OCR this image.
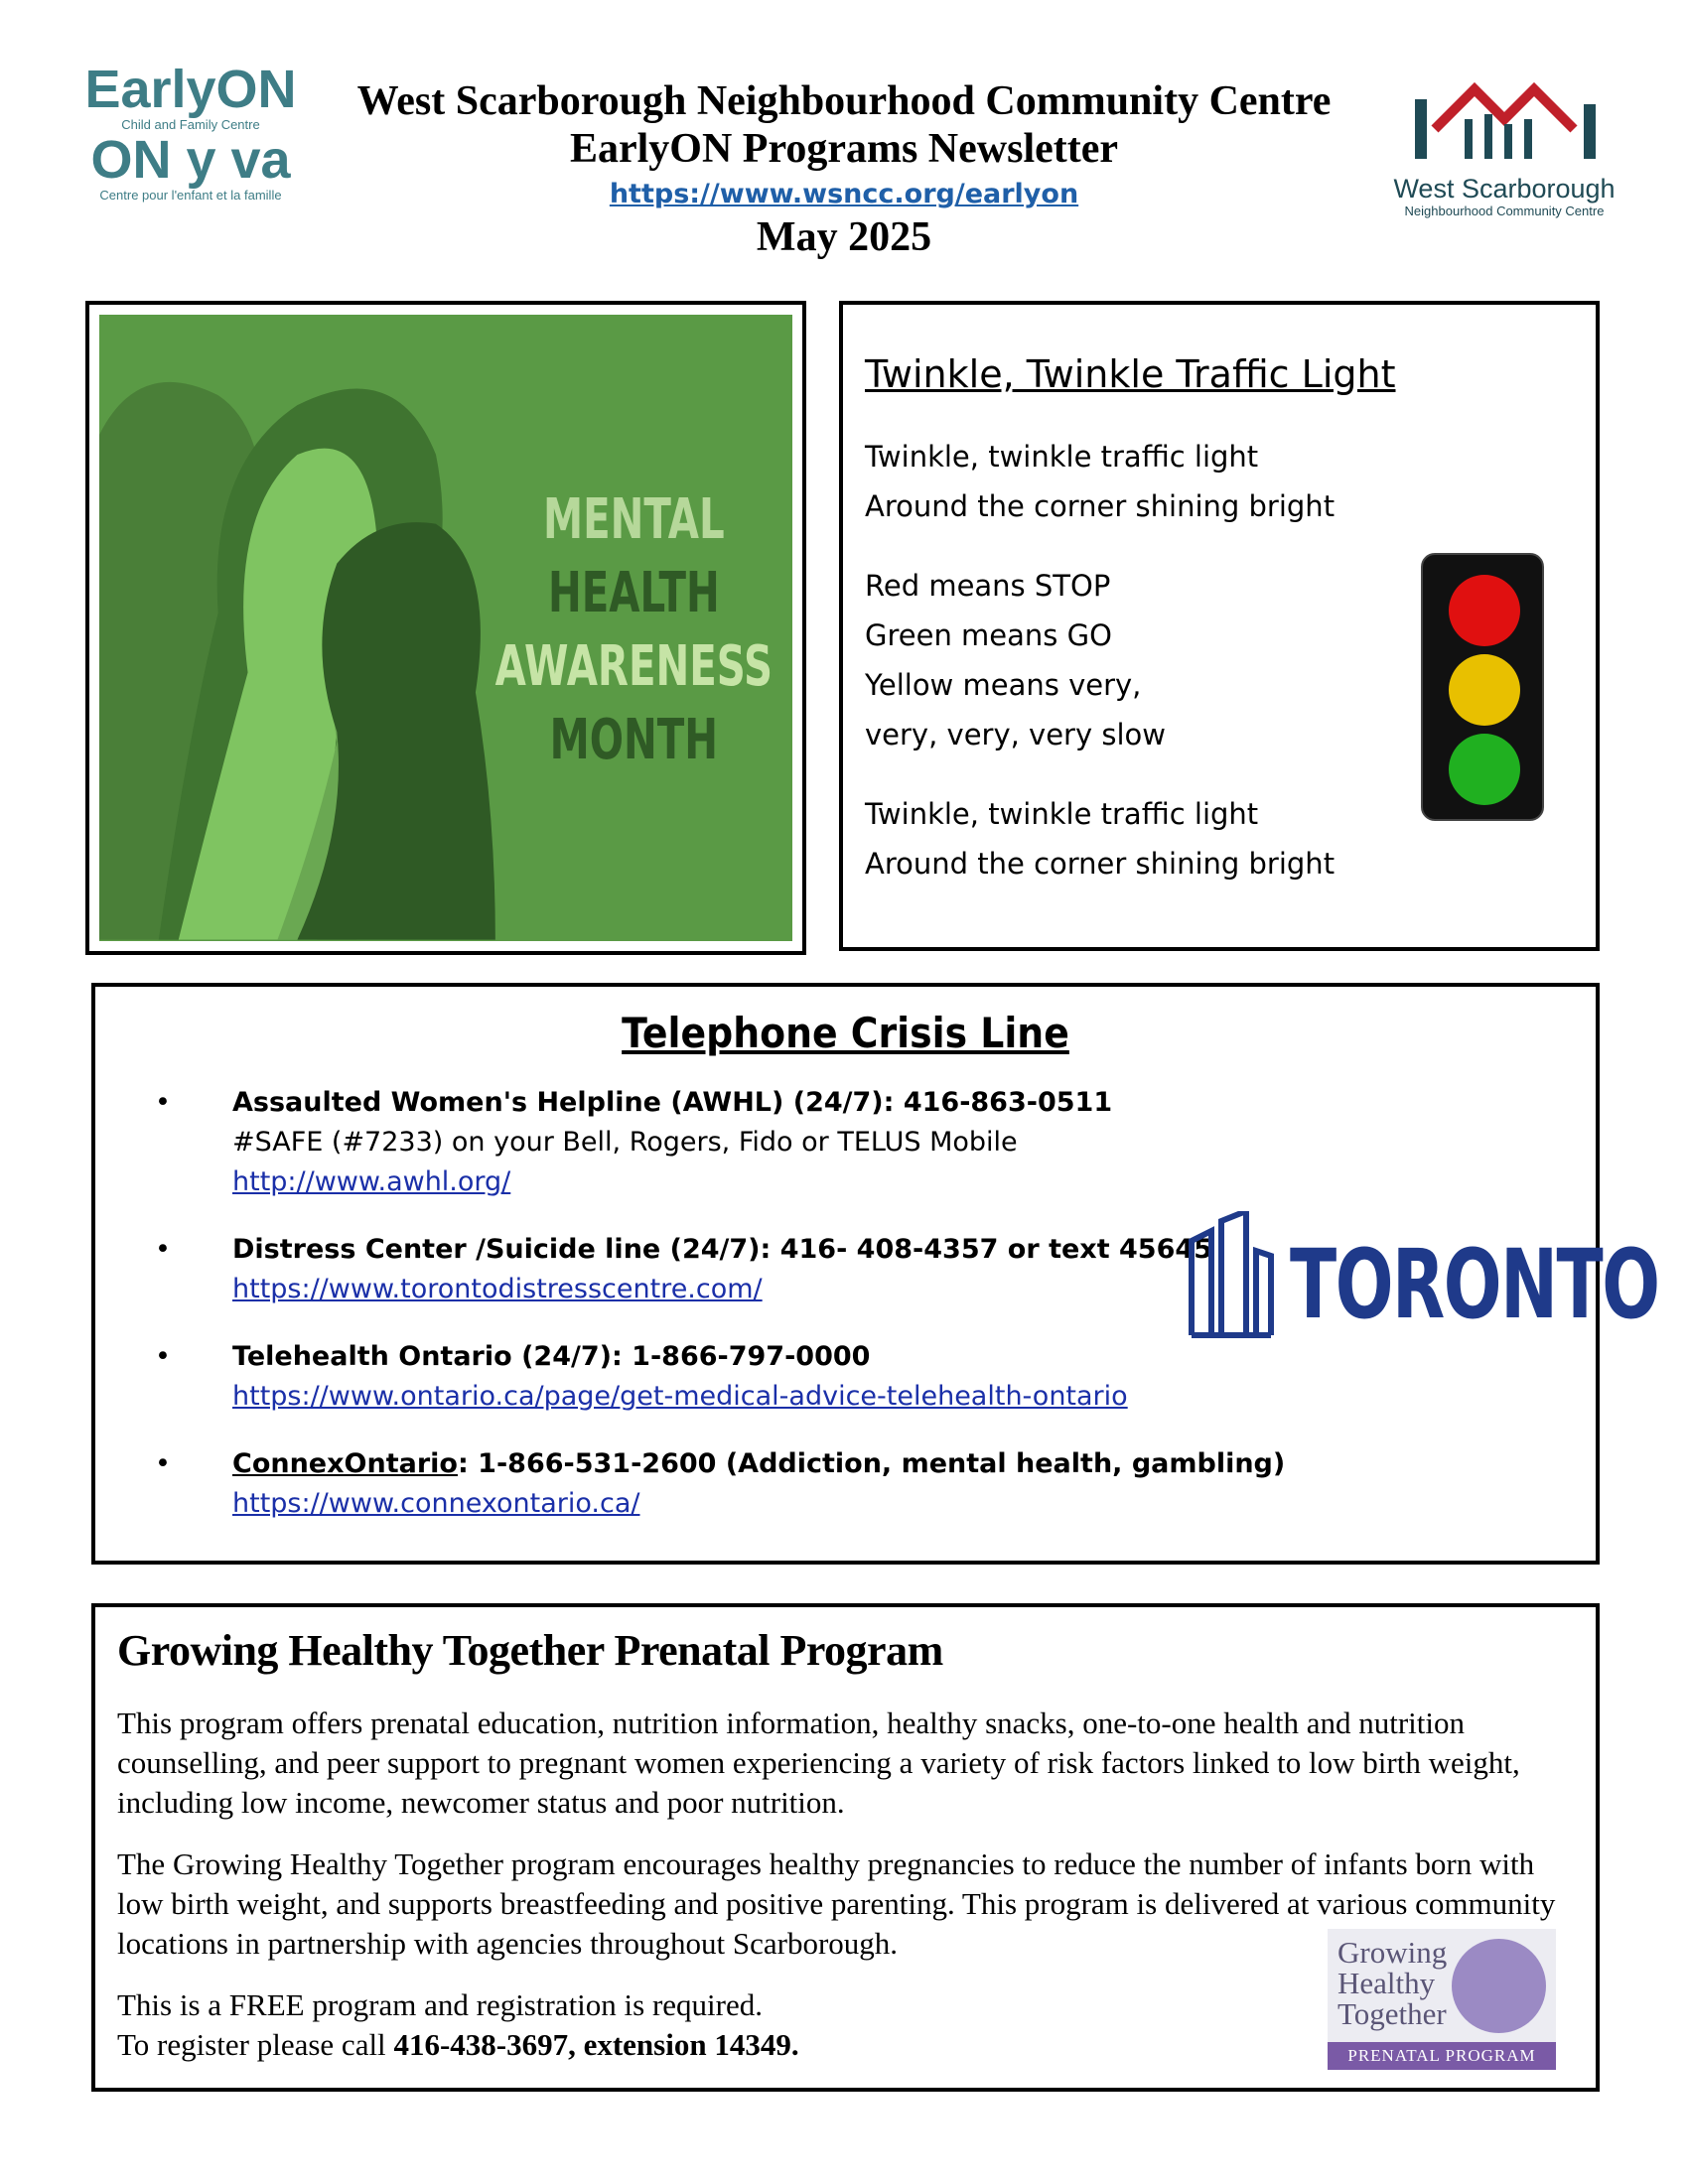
EarlyON
Child and Family Centre
ON y va
Centre pour l'enfant et la famille
West Scarborough Neighbourhood Community Centre
EarlyON Programs Newsletter
https://www.wsncc.org/earlyon
May 2025
West Scarborough
Neighbourhood Community Centre
MENTAL
HEALTH
AWARENESS
MONTH
Twinkle, Twinkle Traffic Light

Twinkle, twinkle traffic light
Around the corner shining bright

Red means STOP
Green means GO
Yellow means very,
very, very, very slow

Twinkle, twinkle traffic light
Around the corner shining bright

Telephone Crisis Line
• Assaulted Women's Helpline (AWHL) (24/7): 416-863-0511
#SAFE (#7233) on your Bell, Rogers, Fido or TELUS Mobile
http://www.awhl.org/
• Distress Center /Suicide line (24/7): 416- 408-4357 or text 45645
https://www.torontodistresscentre.com/
• Telehealth Ontario (24/7): 1-866-797-0000
https://www.ontario.ca/page/get-medical-advice-telehealth-ontario
• ConnexOntario: 1-866-531-2600 (Addiction, mental health, gambling)
https://www.connexontario.ca/
TORONTO
Growing Healthy Together Prenatal Program

This program offers prenatal education, nutrition information, healthy snacks, one-to-one health and nutrition counselling, and peer support to pregnant women experiencing a variety of risk factors linked to low birth weight, including low income, newcomer status and poor nutrition.

The Growing Healthy Together program encourages healthy pregnancies to reduce the number of infants born with low birth weight, and supports breastfeeding and positive parenting. This program is delivered at various community locations in partnership with agencies throughout Scarborough.

This is a FREE program and registration is required.
To register please call 416-438-3697, extension 14349.

Growing
Healthy
Together
PRENATAL PROGRAM
